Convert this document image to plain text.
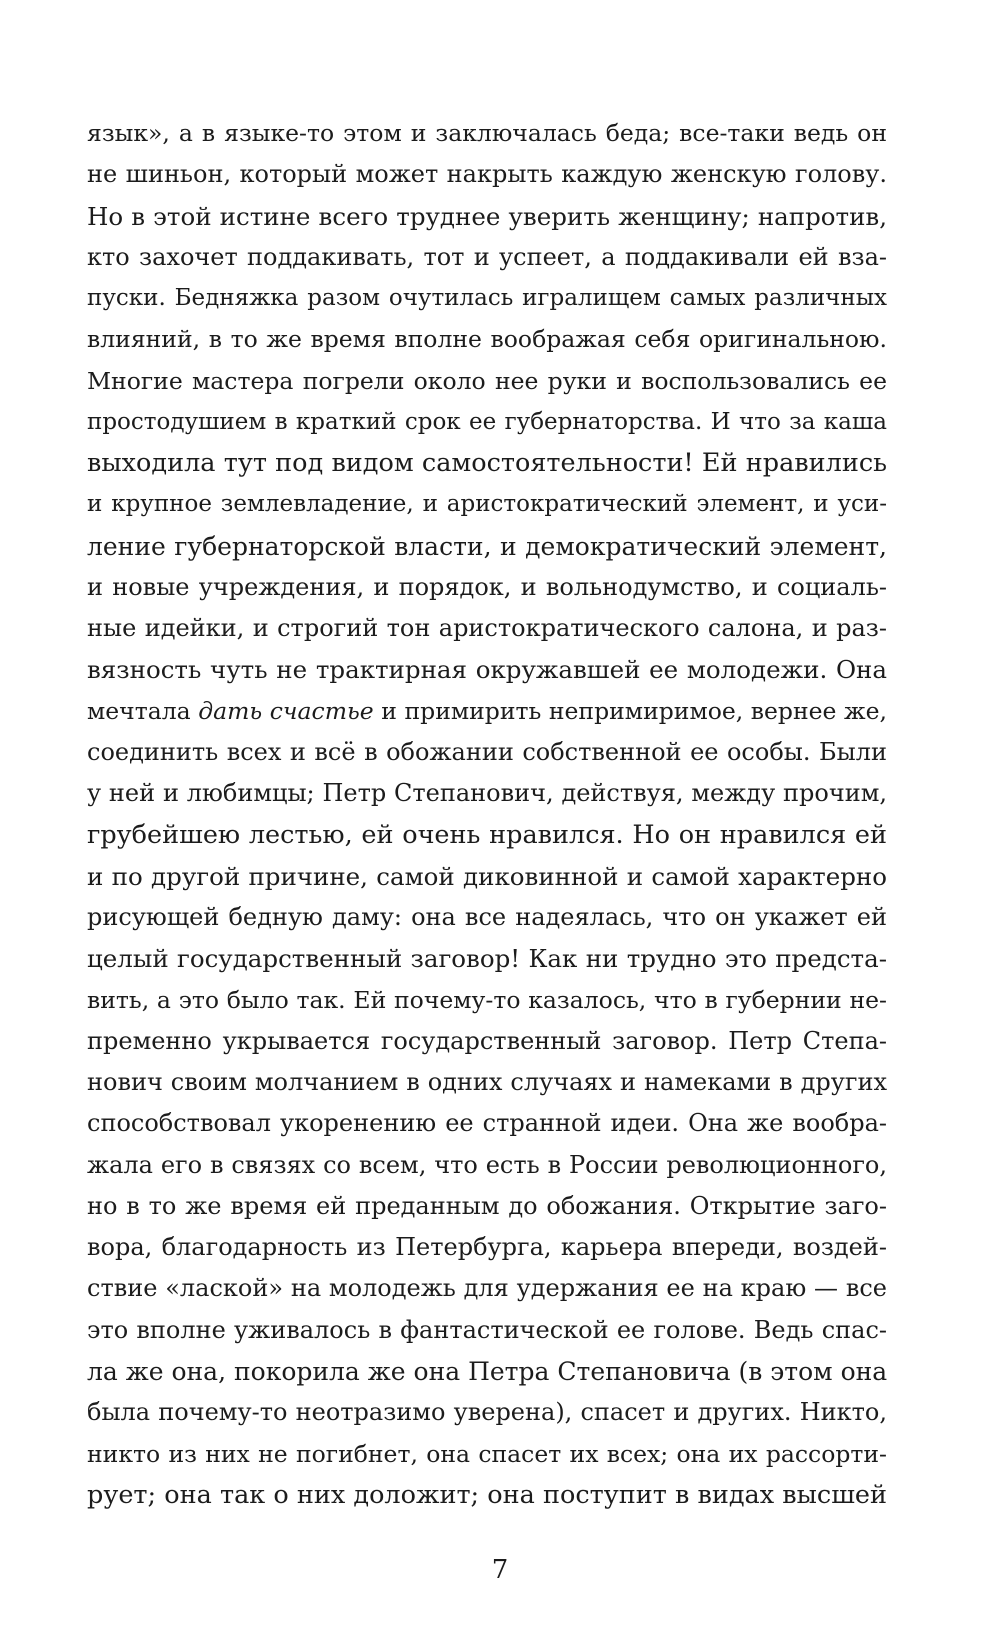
язык», а в языке-то этом и заключалась беда; все-таки ведь он
не шиньон, который может накрыть каждую женскую голову.
Но в этой истине всего труднее уверить женщину; напротив,
кто захочет поддакивать, тот и успеет, а поддакивали ей вза-
пуски. Бедняжка разом очутилась игралищем самых различных
влияний, в то же время вполне воображая себя оригинальною.
Многие мастера погрели около нее руки и воспользовались ее
простодушием в краткий срок ее губернаторства. И что за каша
выходила тут под видом самостоятельности! Ей нравились
и крупное землевладение, и аристократический элемент, и уси-
ление губернаторской власти, и демократический элемент,
и новые учреждения, и порядок, и вольнодумство, и социаль-
ные идейки, и строгий тон аристократического салона, и раз-
вязность чуть не трактирная окружавшей ее молодежи. Она
мечтала дать счастье и примирить непримиримое, вернее же,
соединить всех и всё в обожании собственной ее особы. Были
у ней и любимцы; Петр Степанович, действуя, между прочим,
грубейшею лестью, ей очень нравился. Но он нравился ей
и по другой причине, самой диковинной и самой характерно
рисующей бедную даму: она все надеялась, что он укажет ей
целый государственный заговор! Как ни трудно это предста-
вить, а это было так. Ей почему-то казалось, что в губернии не-
пременно укрывается государственный заговор. Петр Степа-
нович своим молчанием в одних случаях и намеками в других
способствовал укоренению ее странной идеи. Она же вообра-
жала его в связях со всем, что есть в России революционного,
но в то же время ей преданным до обожания. Открытие заго-
вора, благодарность из Петербурга, карьера впереди, воздей-
ствие «лаской» на молодежь для удержания ее на краю — все
это вполне уживалось в фантастической ее голове. Ведь спас-
ла же она, покорила же она Петра Степановича (в этом она
была почему-то неотразимо уверена), спасет и других. Никто,
никто из них не погибнет, она спасет их всех; она их рассорти-
рует; она так о них доложит; она поступит в видах высшей

7
